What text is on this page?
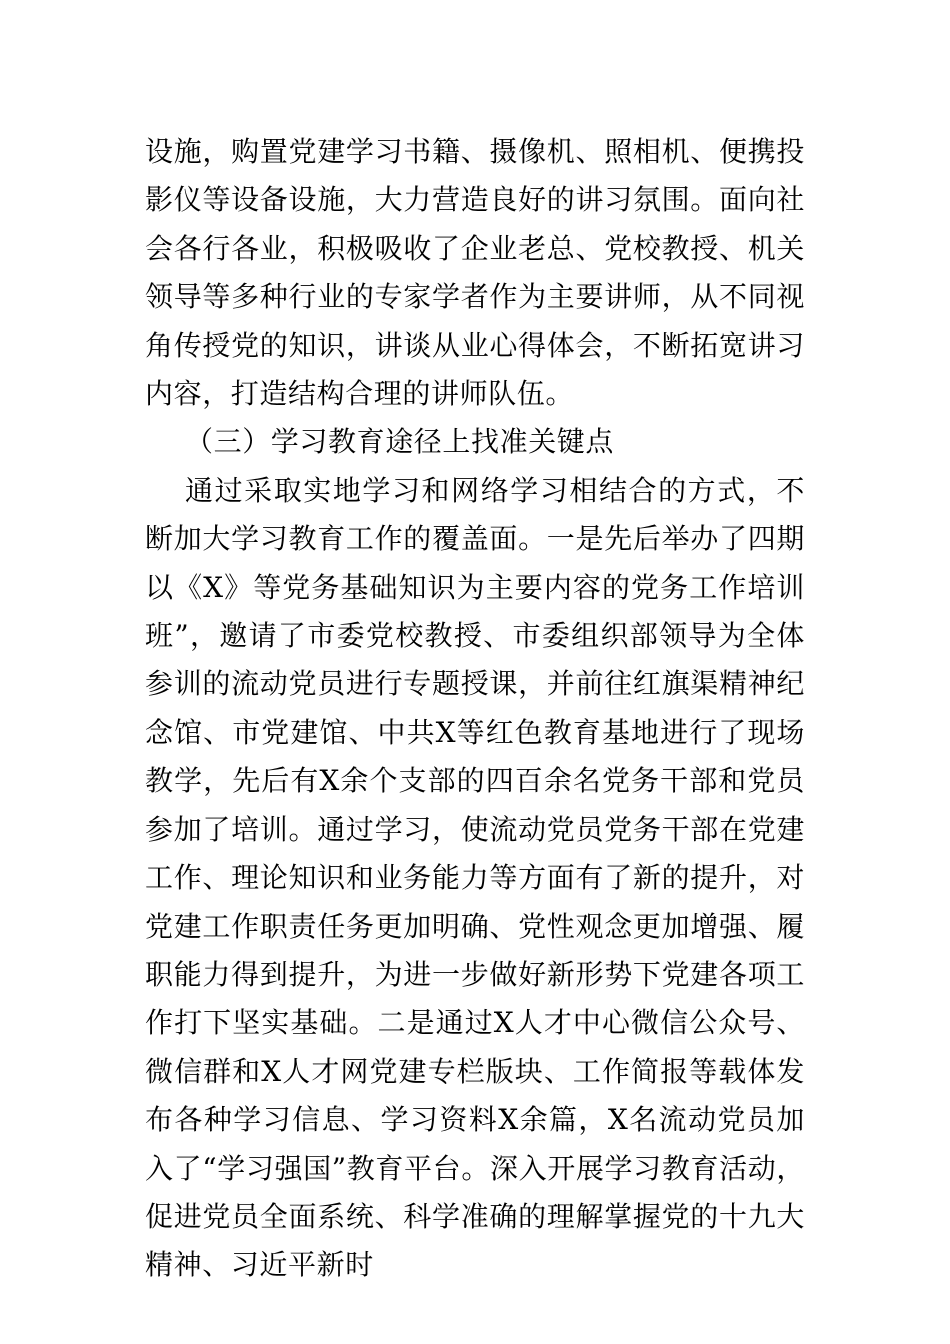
设施，购置党建学习书籍、摄像机、照相机、便携投影仪等设备设施，大力营造良好的讲习氛围。面向社会各行各业，积极吸收了企业老总、党校教授、机关领导等多种行业的专家学者作为主要讲师，从不同视角传授党的知识，讲谈从业心得体会，不断拓宽讲习内容，打造结构合理的讲师队伍。

（三）学习教育途径上找准关键点

通过采取实地学习和网络学习相结合的方式，不断加大学习教育工作的覆盖面。一是先后举办了四期以《X》等党务基础知识为主要内容的党务工作培训班”，邀请了市委党校教授、市委组织部领导为全体参训的流动党员进行专题授课，并前往红旗渠精神纪念馆、市党建馆、中共X等红色教育基地进行了现场教学，先后有X余个支部的四百余名党务干部和党员参加了培训。通过学习，使流动党员党务干部在党建工作、理论知识和业务能力等方面有了新的提升，对党建工作职责任务更加明确、党性观念更加增强、履职能力得到提升，为进一步做好新形势下党建各项工作打下坚实基础。二是通过X人才中心微信公众号、微信群和X人才网党建专栏版块、工作简报等载体发布各种学习信息、学习资料X余篇，X名流动党员加入了“学习强国”教育平台。深入开展学习教育活动，促进党员全面系统、科学准确的理解掌握党的十九大精神、习近平新时
